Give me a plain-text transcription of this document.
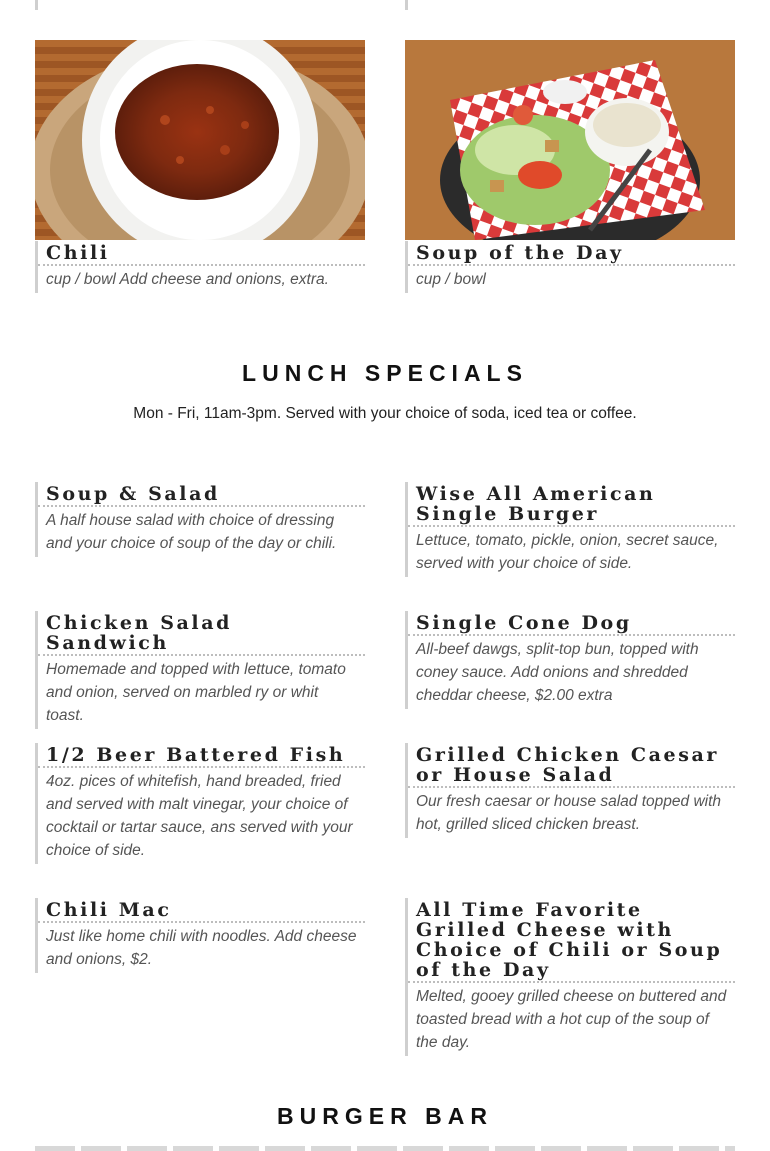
Chili
cup / bowl Add cheese and onions, extra.
Soup of the Day
cup / bowl
LUNCH SPECIALS
Mon - Fri, 11am-3pm. Served with your choice of soda, iced tea or coffee.
Soup & Salad
A half house salad with choice of dressing and your choice of soup of the day or chili.
Chicken Salad Sandwich
Homemade and topped with lettuce, tomato and onion, served on marbled ry or whit toast.
1/2 Beer Battered Fish
4oz. pices of whitefish, hand breaded, fried and served with malt vinegar, your choice of cocktail or tartar sauce, ans served with your choice of side.
Chili Mac
Just like home chili with noodles. Add cheese and onions, $2.
Wise All American Single Burger
Lettuce, tomato, pickle, onion, secret sauce, served with your choice of side.
Single Cone Dog
All-beef dawgs, split-top bun, topped with coney sauce. Add onions and shredded cheddar cheese, $2.00 extra
Grilled Chicken Caesar or House Salad
Our fresh caesar or house salad topped with hot, grilled sliced chicken breast.
All Time Favorite Grilled Cheese with Choice of Chili or Soup of the Day
Melted, gooey grilled cheese on buttered and toasted bread with a hot cup of the soup of the day.
BURGER BAR
